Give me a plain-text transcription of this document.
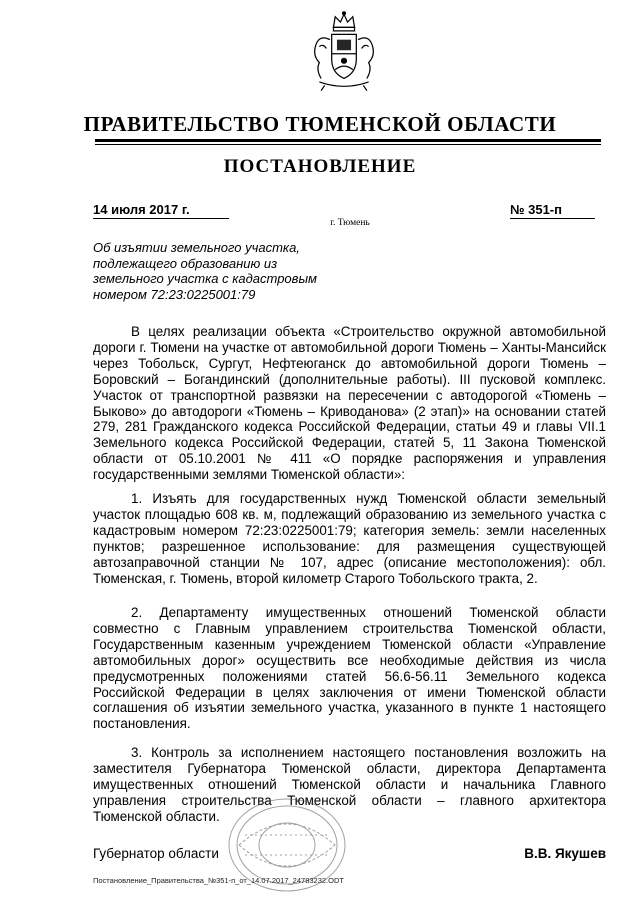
ПРАВИТЕЛЬСТВО ТЮМЕНСКОЙ ОБЛАСТИ
ПОСТАНОВЛЕНИЕ
14 июля 2017 г.	№ 351-п
г. Тюмень
Об изъятии земельного участка, подлежащего образованию из земельного участка с кадастровым номером 72:23:0225001:79
В целях реализации объекта «Строительство окружной автомобильной дороги г. Тюмени на участке от автомобильной дороги Тюмень – Ханты-Мансийск через Тобольск, Сургут, Нефтеюганск до автомобильной дороги Тюмень – Боровский – Богандинский (дополнительные работы). III пусковой комплекс. Участок от транспортной развязки на пересечении с автодорогой «Тюмень – Быково» до автодороги «Тюмень – Криводанова» (2 этап)» на основании статей 279, 281 Гражданского кодекса Российской Федерации, статьи 49 и главы VII.1 Земельного кодекса Российской Федерации, статей 5, 11 Закона Тюменской области от 05.10.2001 № 411 «О порядке распоряжения и управления государственными землями Тюменской области»:
1. Изъять для государственных нужд Тюменской области земельный участок площадью 608 кв. м, подлежащий образованию из земельного участка с кадастровым номером 72:23:0225001:79; категория земель: земли населенных пунктов; разрешенное использование: для размещения существующей автозаправочной станции № 107, адрес (описание местоположения): обл. Тюменская, г. Тюмень, второй километр Старого Тобольского тракта, 2.
2. Департаменту имущественных отношений Тюменской области совместно с Главным управлением строительства Тюменской области, Государственным казенным учреждением Тюменской области «Управление автомобильных дорог» осуществить все необходимые действия из числа предусмотренных положениями статей 56.6-56.11 Земельного кодекса Российской Федерации в целях заключения от имени Тюменской области соглашения об изъятии земельного участка, указанного в пункте 1 настоящего постановления.
3. Контроль за исполнением настоящего постановления возложить на заместителя Губернатора Тюменской области, директора Департамента имущественных отношений Тюменской области и начальника Главного управления строительства Тюменской области – главного архитектора Тюменской области.
Губернатор области	В.В. Якушев
Постановление_Правительства_№351-п_от_14.07.2017_24783232.ODT
